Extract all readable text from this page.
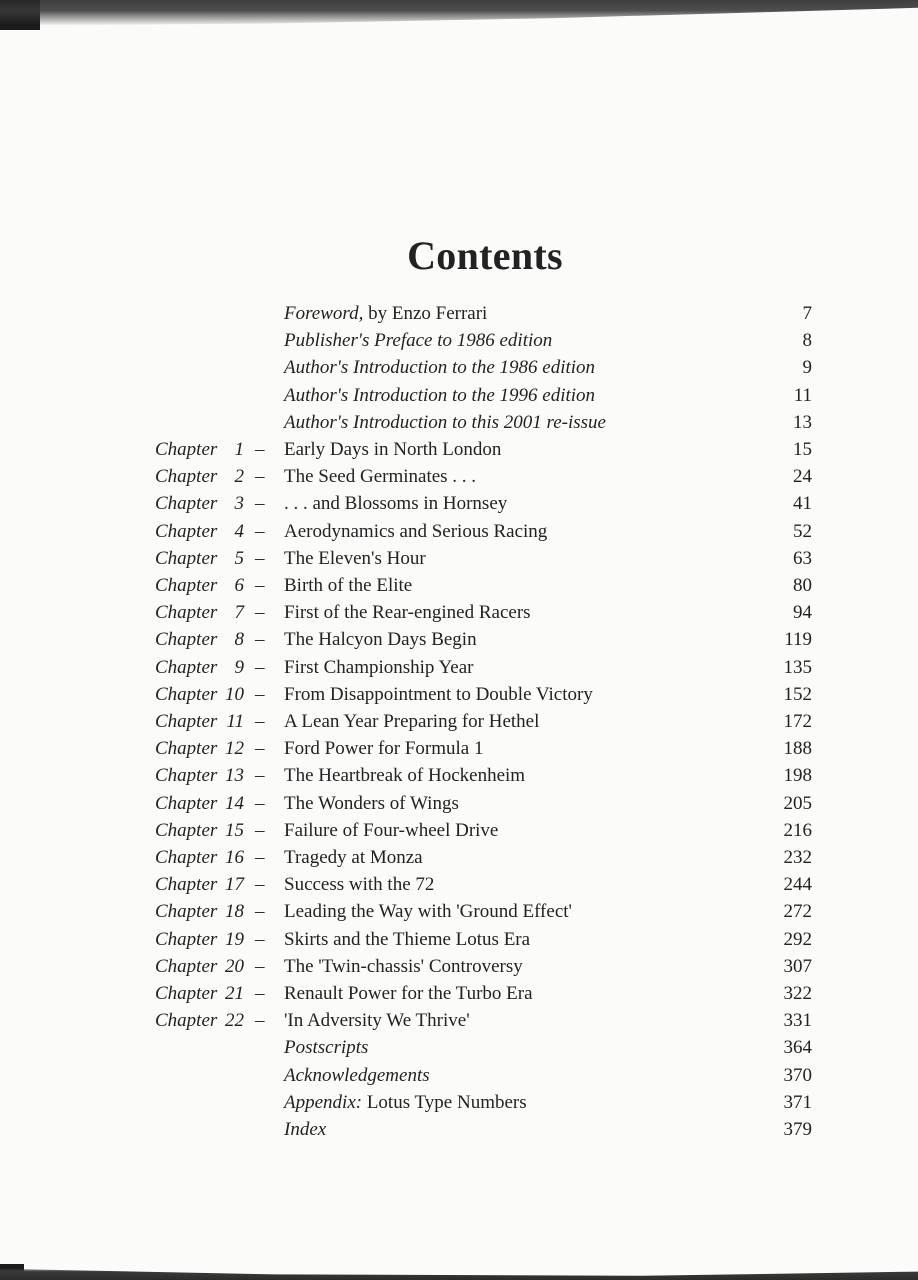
Contents
Foreword, by Enzo Ferrari	7
Publisher's Preface to 1986 edition	8
Author's Introduction to the 1986 edition	9
Author's Introduction to the 1996 edition	11
Author's Introduction to this 2001 re-issue	13
Chapter 1 – Early Days in North London	15
Chapter 2 – The Seed Germinates . . .	24
Chapter 3 – . . . and Blossoms in Hornsey	41
Chapter 4 – Aerodynamics and Serious Racing	52
Chapter 5 – The Eleven's Hour	63
Chapter 6 – Birth of the Elite	80
Chapter 7 – First of the Rear-engined Racers	94
Chapter 8 – The Halcyon Days Begin	119
Chapter 9 – First Championship Year	135
Chapter 10 – From Disappointment to Double Victory	152
Chapter 11 – A Lean Year Preparing for Hethel	172
Chapter 12 – Ford Power for Formula 1	188
Chapter 13 – The Heartbreak of Hockenheim	198
Chapter 14 – The Wonders of Wings	205
Chapter 15 – Failure of Four-wheel Drive	216
Chapter 16 – Tragedy at Monza	232
Chapter 17 – Success with the 72	244
Chapter 18 – Leading the Way with 'Ground Effect'	272
Chapter 19 – Skirts and the Thieme Lotus Era	292
Chapter 20 – The 'Twin-chassis' Controversy	307
Chapter 21 – Renault Power for the Turbo Era	322
Chapter 22 – 'In Adversity We Thrive'	331
Postscripts	364
Acknowledgements	370
Appendix: Lotus Type Numbers	371
Index	379
